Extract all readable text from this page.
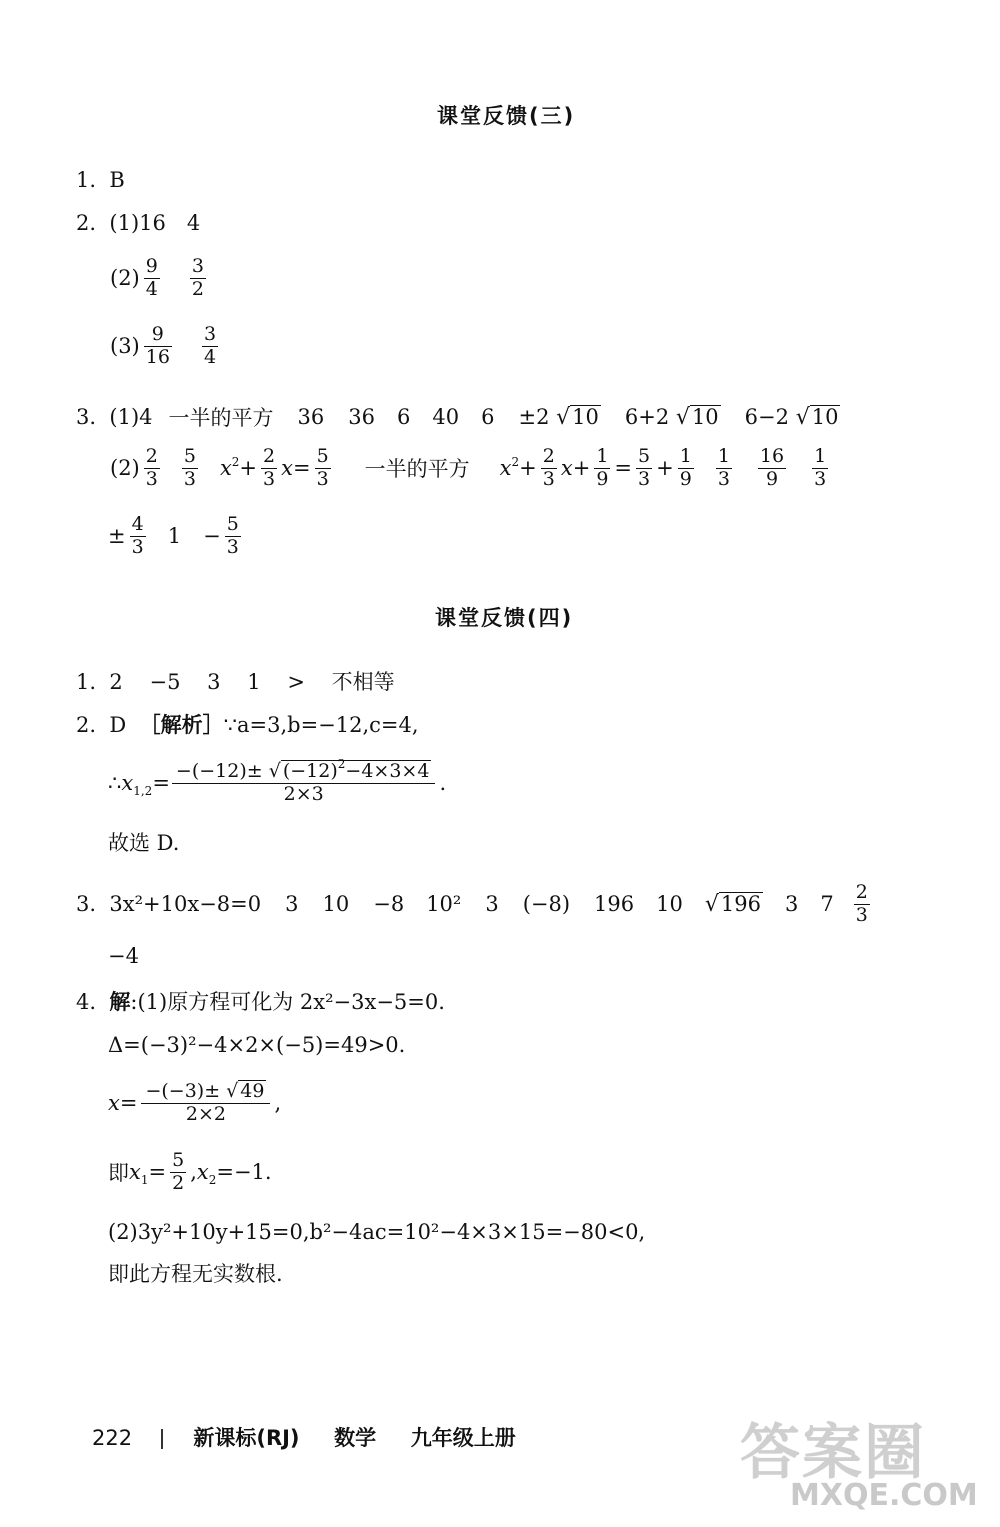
课堂反馈(三)
1. B
2. (1)16　4
$(2) \frac{9}{4} \frac{3}{2}$
$(3) \frac{9}{16} \frac{3}{4}$
3.
(1)4 一半的平方 36 36 6 40 6 ±2
√ 10 6+2
√ 10 6−2
√ 10
$(2) \frac{2}{3} \frac{5}{3} x^2+ \frac{2}{3} x= \frac{5}{3}$ 一半的平方 $x^2+ \frac{2}{3} x+ \frac{1}{9} = \frac{5}{3} + \frac{1}{9} \frac{1}{3} \frac{16}{9} \frac{1}{3}$
± $\frac{4}{3} 1 - \frac{5}{3}$
课堂反馈(四)
1. 2 −5 3 1 > 不相等
2. D ［解析］∵a=3,b=−12,c=4,
$\therefore x_{1,2}= \frac{-(-12)\pm √ (-12)^2-4\times 3\times 4}{2\times 3}$ .
故选 D.
3.
3x²+10x−8=0 3 10 −8 10² 3 (−8) 196 10 √ 196 3 $7 \frac{2}{3}$
−4
4. 解:(1)原方程可化为 2x²−3x−5=0.
Δ=(−3)²−4×2×(−5)=49>0.
$x= \frac{-(-3)\pm √ 49}{2\times 2}$ ,
即 $x_1= \frac{5}{2} ,x_2=-1$.
(2)3y²+10y+15=0,b²−4ac=10²−4×3×15=−80<0,
即此方程无实数根.
222	新课标(RJ) 数学 九年级上册	答案圈
MXQE.COM
